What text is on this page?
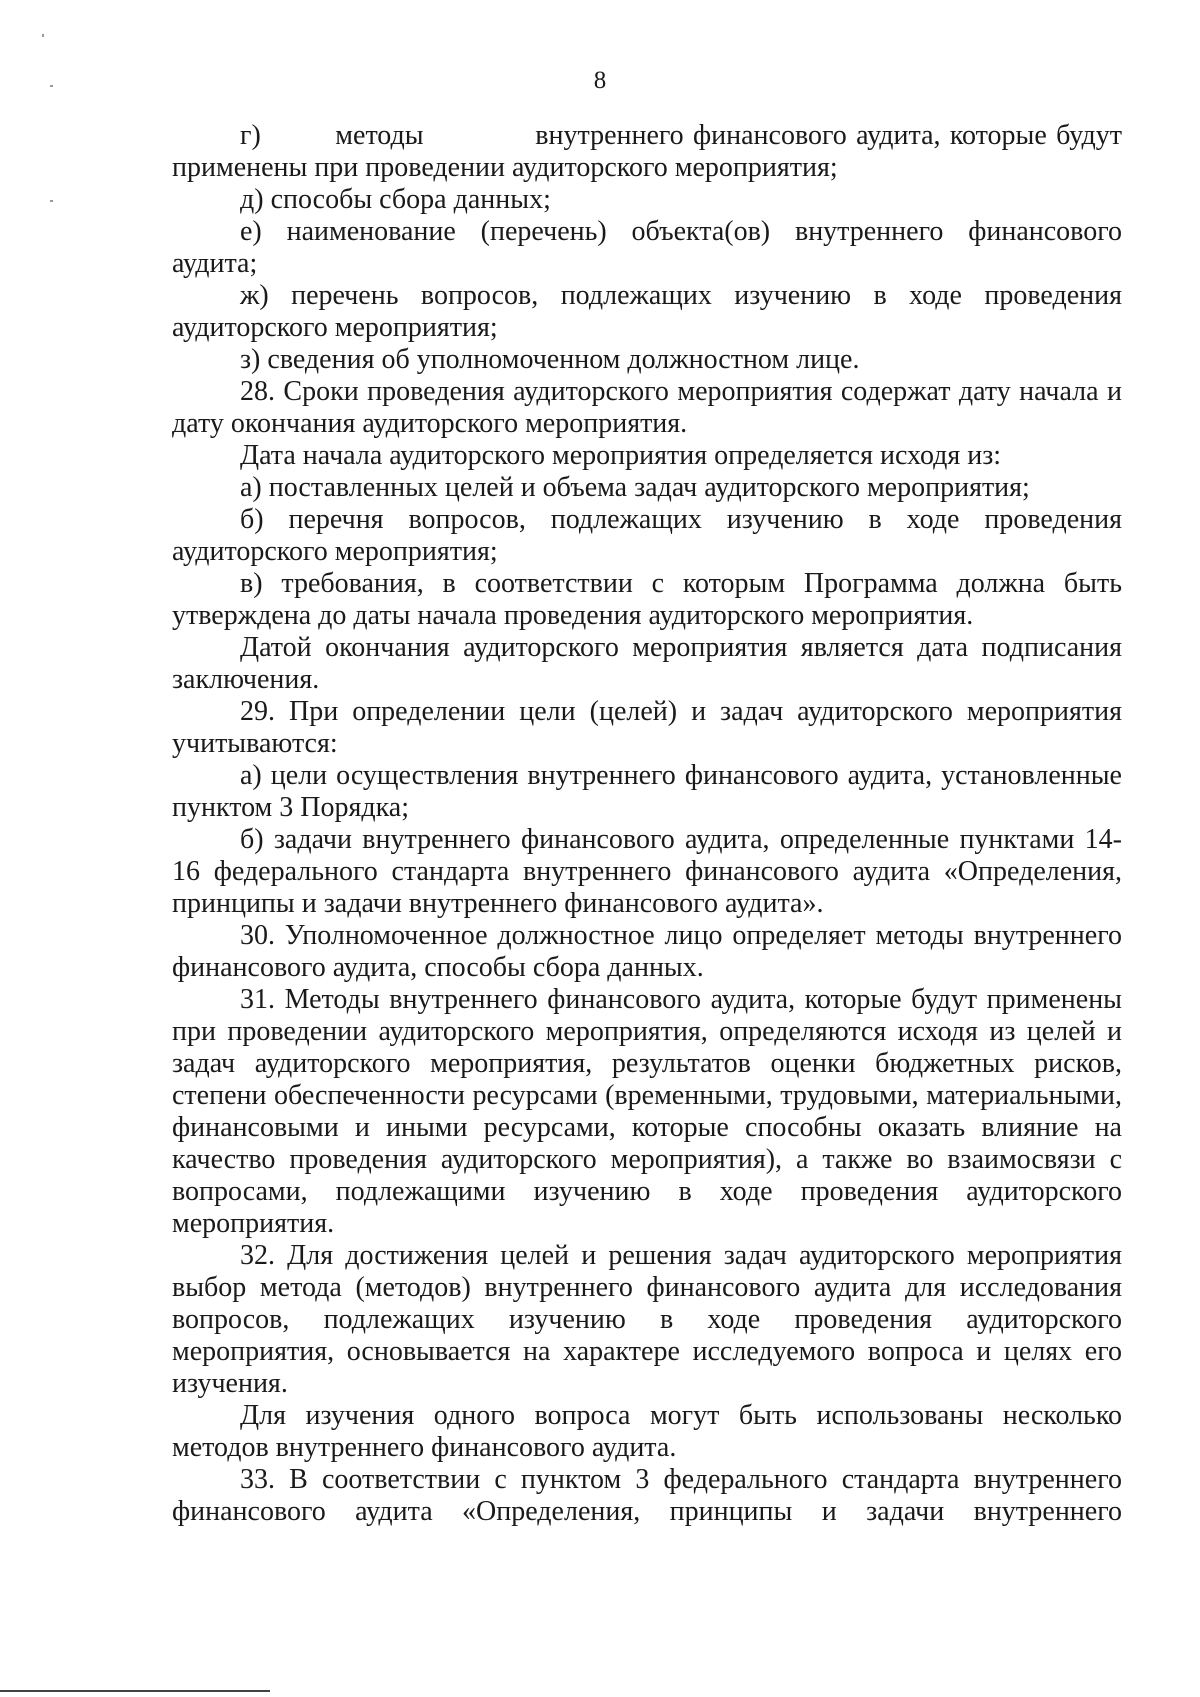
8

г)        методы            внутреннего финансового аудита, которые будут

применены при проведении аудиторского мероприятия;

д) способы сбора данных;

е) наименование (перечень) объекта(ов) внутреннего финансового аудита;

ж) перечень вопросов, подлежащих изучению в ходе проведения аудиторского мероприятия;

з) сведения об уполномоченном должностном лице.

28. Сроки проведения аудиторского мероприятия содержат дату начала и дату окончания аудиторского мероприятия.

Дата начала аудиторского мероприятия определяется исходя из:

а) поставленных целей и объема задач аудиторского мероприятия;

б) перечня вопросов, подлежащих изучению в ходе проведения аудиторского мероприятия;

в) требования, в соответствии с которым Программа должна быть утверждена до даты начала проведения аудиторского мероприятия.

Датой окончания аудиторского мероприятия является дата подписания заключения.

29. При определении цели (целей) и задач аудиторского мероприятия учитываются:

а) цели осуществления внутреннего финансового аудита, установленные пунктом 3 Порядка;

б) задачи внутреннего финансового аудита, определенные пунктами 14-16 федерального стандарта внутреннего финансового аудита «Определения, принципы и задачи внутреннего финансового аудита».

30. Уполномоченное должностное лицо определяет методы внутреннего финансового аудита, способы сбора данных.

31. Методы внутреннего финансового аудита, которые будут применены при проведении аудиторского мероприятия, определяются исходя из целей и задач аудиторского мероприятия, результатов оценки бюджетных рисков, степени обеспеченности ресурсами (временными, трудовыми, материальными, финансовыми и иными ресурсами, которые способны оказать влияние на качество проведения аудиторского мероприятия), а также во взаимосвязи с вопросами, подлежащими изучению в ходе проведения аудиторского мероприятия.

32. Для достижения целей и решения задач аудиторского мероприятия выбор метода (методов) внутреннего финансового аудита для исследования вопросов, подлежащих изучению в ходе проведения аудиторского мероприятия, основывается на характере исследуемого вопроса и целях его изучения.

Для изучения одного вопроса могут быть использованы несколько методов внутреннего финансового аудита.

33. В соответствии с пунктом 3 федерального стандарта внутреннего

финансового аудита «Определения, принципы и задачи внутреннего
